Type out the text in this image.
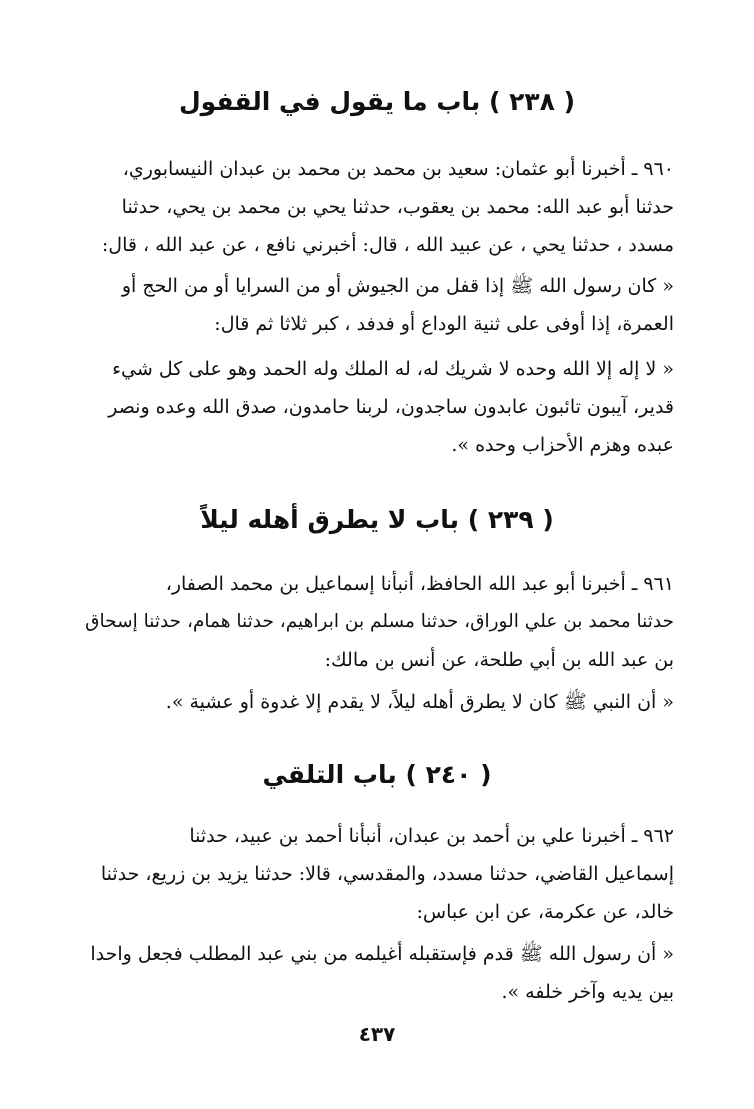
( ٢٣٨ ) باب ما يقول في القفول
٩٦٠ ـ أخبرنا أبو عثمان: سعيد بن محمد بن محمد بن عبدان النيسابوري،
حدثنا أبو عبد الله: محمد بن يعقوب، حدثنا يحي بن محمد بن يحي، حدثنا
مسدد ، حدثنا يحي ، عن عبيد الله ، قال: أخبرني نافع ، عن عبد الله ، قال:
« كان رسول الله ﷺ إذا قفل من الجيوش أو من السرايا أو من الحج أو
العمرة، إذا أوفى على ثنية الوداع أو فدفد ، كبر ثلاثا ثم قال:
« لا إله إلا الله وحده لا شريك له، له الملك وله الحمد وهو على كل شيء
قدير، آيبون تائبون عابدون ساجدون، لربنا حامدون، صدق الله وعده ونصر
عبده وهزم الأحزاب وحده ».
( ٢٣٩ ) باب لا يطرق أهله ليلاً
٩٦١ ـ أخبرنا أبو عبد الله الحافظ، أنبأنا إسماعيل بن محمد الصفار،
حدثنا محمد بن علي الوراق، حدثنا مسلم بن ابراهيم، حدثنا همام، حدثنا إسحاق
بن عبد الله بن أبي طلحة، عن أنس بن مالك:
« أن النبي ﷺ كان لا يطرق أهله ليلاً، لا يقدم إلا غدوة أو عشية ».
( ٢٤٠ ) باب التلقي
٩٦٢ ـ أخبرنا علي بن أحمد بن عبدان، أنبأنا أحمد بن عبيد، حدثنا
إسماعيل القاضي، حدثنا مسدد، والمقدسي، قالا: حدثنا يزيد بن زريع، حدثنا
خالد، عن عكرمة، عن ابن عباس:
« أن رسول الله ﷺ قدم فإستقبله أغيلمه من بني عبد المطلب فجعل واحدا
بين يديه وآخر خلفه ».
٤٣٧
